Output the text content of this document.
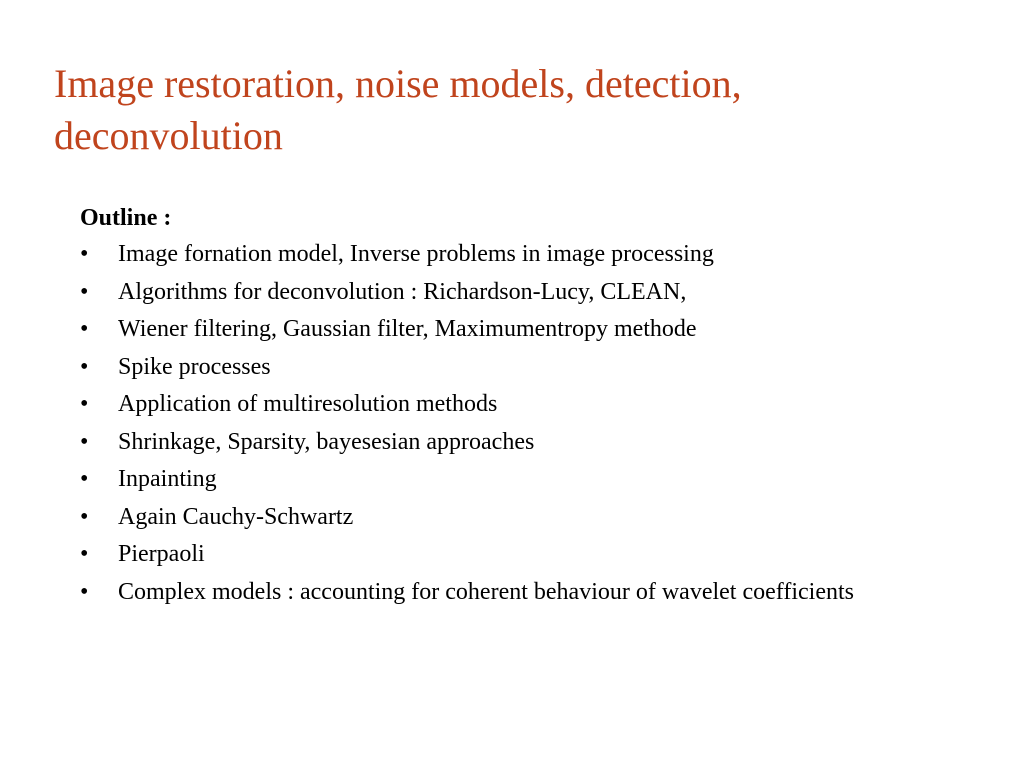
Image restoration, noise models, detection, deconvolution
Outline :
• Image fornation model, Inverse problems in image processing
• Algorithms for deconvolution : Richardson-Lucy, CLEAN,
• Wiener filtering, Gaussian filter, Maximumentropy methode
• Spike processes
• Application of multiresolution methods
• Shrinkage, Sparsity, bayesesian approaches
• Inpainting
• Again Cauchy-Schwartz
• Pierpaoli
• Complex models : accounting for coherent behaviour of wavelet coefficients
